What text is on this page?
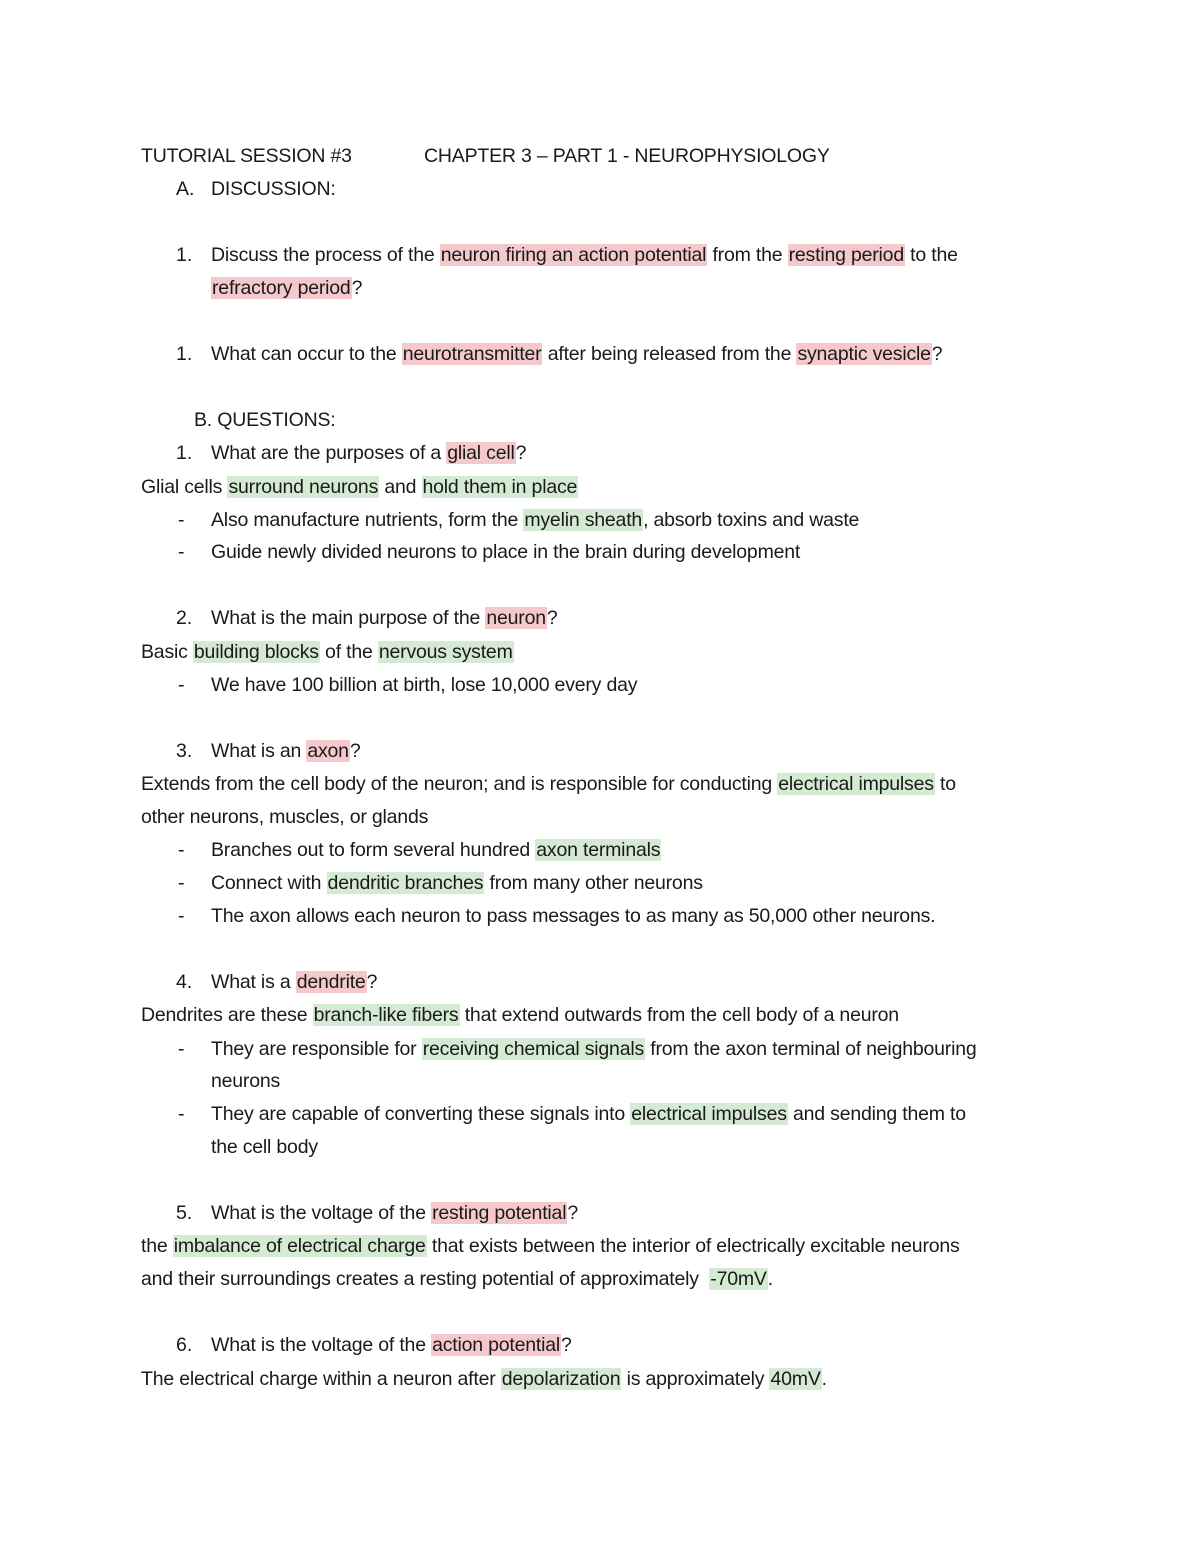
TUTORIAL SESSION #3	CHAPTER 3 – PART 1 - NEUROPHYSIOLOGY
A. DISCUSSION:
1. Discuss the process of the neuron firing an action potential from the resting period to the
refractory period?
1. What can occur to the neurotransmitter after being released from the synaptic vesicle?
B. QUESTIONS:
1. What are the purposes of a glial cell?
Glial cells surround neurons and hold them in place
- Also manufacture nutrients, form the myelin sheath, absorb toxins and waste
- Guide newly divided neurons to place in the brain during development
2. What is the main purpose of the neuron?
Basic building blocks of the nervous system
- We have 100 billion at birth, lose 10,000 every day
3. What is an axon?
Extends from the cell body of the neuron; and is responsible for conducting electrical impulses to
other neurons, muscles, or glands
- Branches out to form several hundred axon terminals
- Connect with dendritic branches from many other neurons
- The axon allows each neuron to pass messages to as many as 50,000 other neurons.
4. What is a dendrite?
Dendrites are these branch-like fibers that extend outwards from the cell body of a neuron
- They are responsible for receiving chemical signals from the axon terminal of neighbouring
neurons
- They are capable of converting these signals into electrical impulses and sending them to
the cell body
5. What is the voltage of the resting potential?
the imbalance of electrical charge that exists between the interior of electrically excitable neurons
and their surroundings creates a resting potential of approximately  -70mV.
6. What is the voltage of the action potential?
The electrical charge within a neuron after depolarization is approximately 40mV.
